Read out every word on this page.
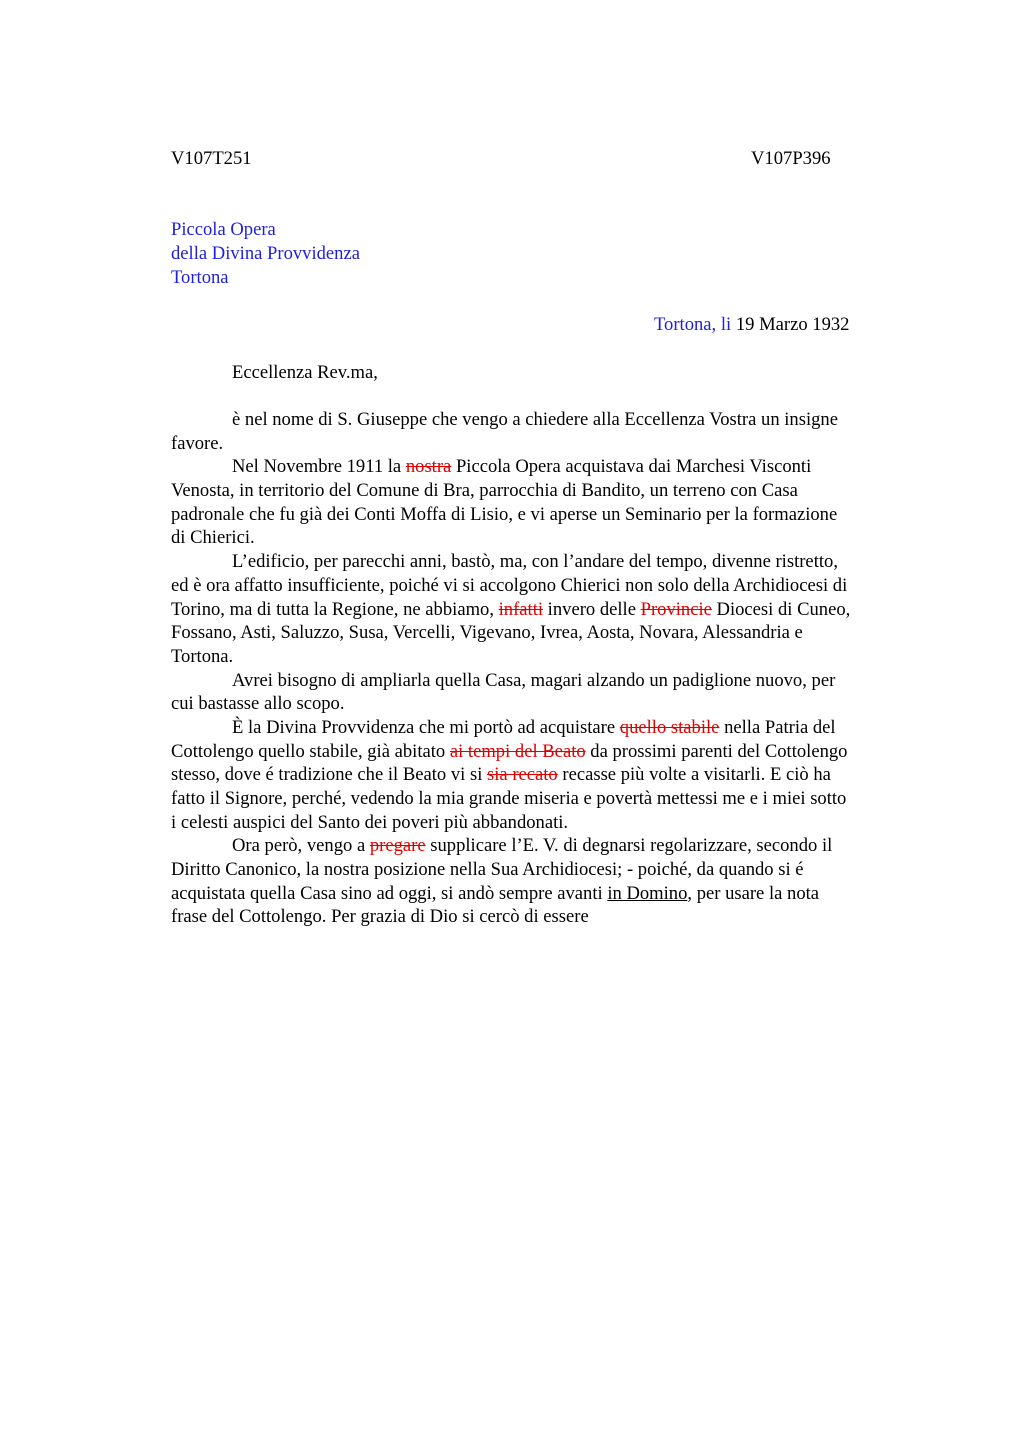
V107T251	V107P396
Piccola Opera
della Divina Provvidenza
Tortona
Tortona, li 19 Marzo 1932
Eccellenza Rev.ma,
è nel nome di S. Giuseppe che vengo a chiedere alla Eccellenza Vostra un insigne
favore.
Nel Novembre 1911 la nostra Piccola Opera acquistava dai Marchesi Visconti
Venosta, in territorio del Comune di Bra, parrocchia di Bandito, un terreno con Casa
padronale che fu già dei Conti Moffa di Lisio, e vi aperse un Seminario per la formazione
di Chierici.
L’edificio, per parecchi anni, bastò, ma, con l’andare del tempo, divenne ristretto,
ed è ora affatto insufficiente, poiché vi si accolgono Chierici non solo della Archidiocesi di
Torino, ma di tutta la Regione, ne abbiamo, infatti invero delle Provincie Diocesi di Cuneo,
Fossano, Asti, Saluzzo, Susa, Vercelli, Vigevano, Ivrea, Aosta, Novara, Alessandria e
Tortona.
Avrei bisogno di ampliarla quella Casa, magari alzando un padiglione nuovo, per
cui bastasse allo scopo.
È la Divina Provvidenza che mi portò ad acquistare quello stabile nella Patria del
Cottolengo quello stabile, già abitato ai tempi del Beato da prossimi parenti del Cottolengo
stesso, dove é tradizione che il Beato vi si sia recato recasse più volte a visitarli. E ciò ha
fatto il Signore, perché, vedendo la mia grande miseria e povertà mettessi me e i miei sotto
i celesti auspici del Santo dei poveri più abbandonati.
Ora però, vengo a pregare supplicare l’E. V. di degnarsi regolarizzare, secondo il
Diritto Canonico, la nostra posizione nella Sua Archidiocesi; - poiché, da quando si é
acquistata quella Casa sino ad oggi, si andò sempre avanti in Domino, per usare la nota
frase del Cottolengo. Per grazia di Dio si cercò di essere
